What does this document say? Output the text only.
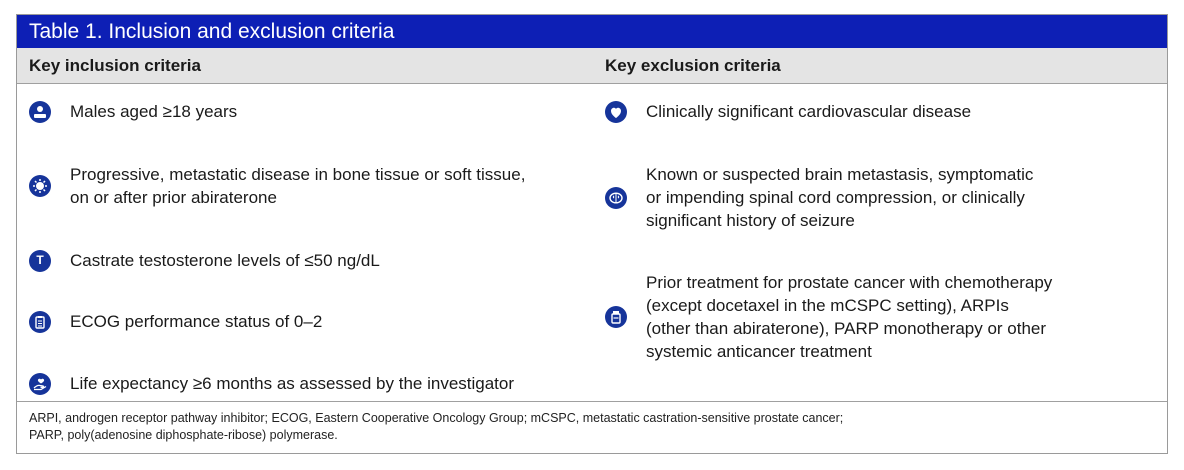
Table 1. Inclusion and exclusion criteria
Key inclusion criteria	Key exclusion criteria
Males aged ≥18 years
Progressive, metastatic disease in bone tissue or soft tissue,
on or after prior abiraterone
T	Castrate testosterone levels of ≤50 ng/dL
ECOG performance status of 0–2
Life expectancy ≥6 months as assessed by the investigator
Clinically significant cardiovascular disease
Known or suspected brain metastasis, symptomatic
or impending spinal cord compression, or clinically
significant history of seizure
Prior treatment for prostate cancer with chemotherapy
(except docetaxel in the mCSPC setting), ARPIs
(other than abiraterone), PARP monotherapy or other
systemic anticancer treatment
ARPI, androgen receptor pathway inhibitor; ECOG, Eastern Cooperative Oncology Group; mCSPC, metastatic castration-sensitive prostate cancer;
PARP, poly(adenosine diphosphate-ribose) polymerase.
